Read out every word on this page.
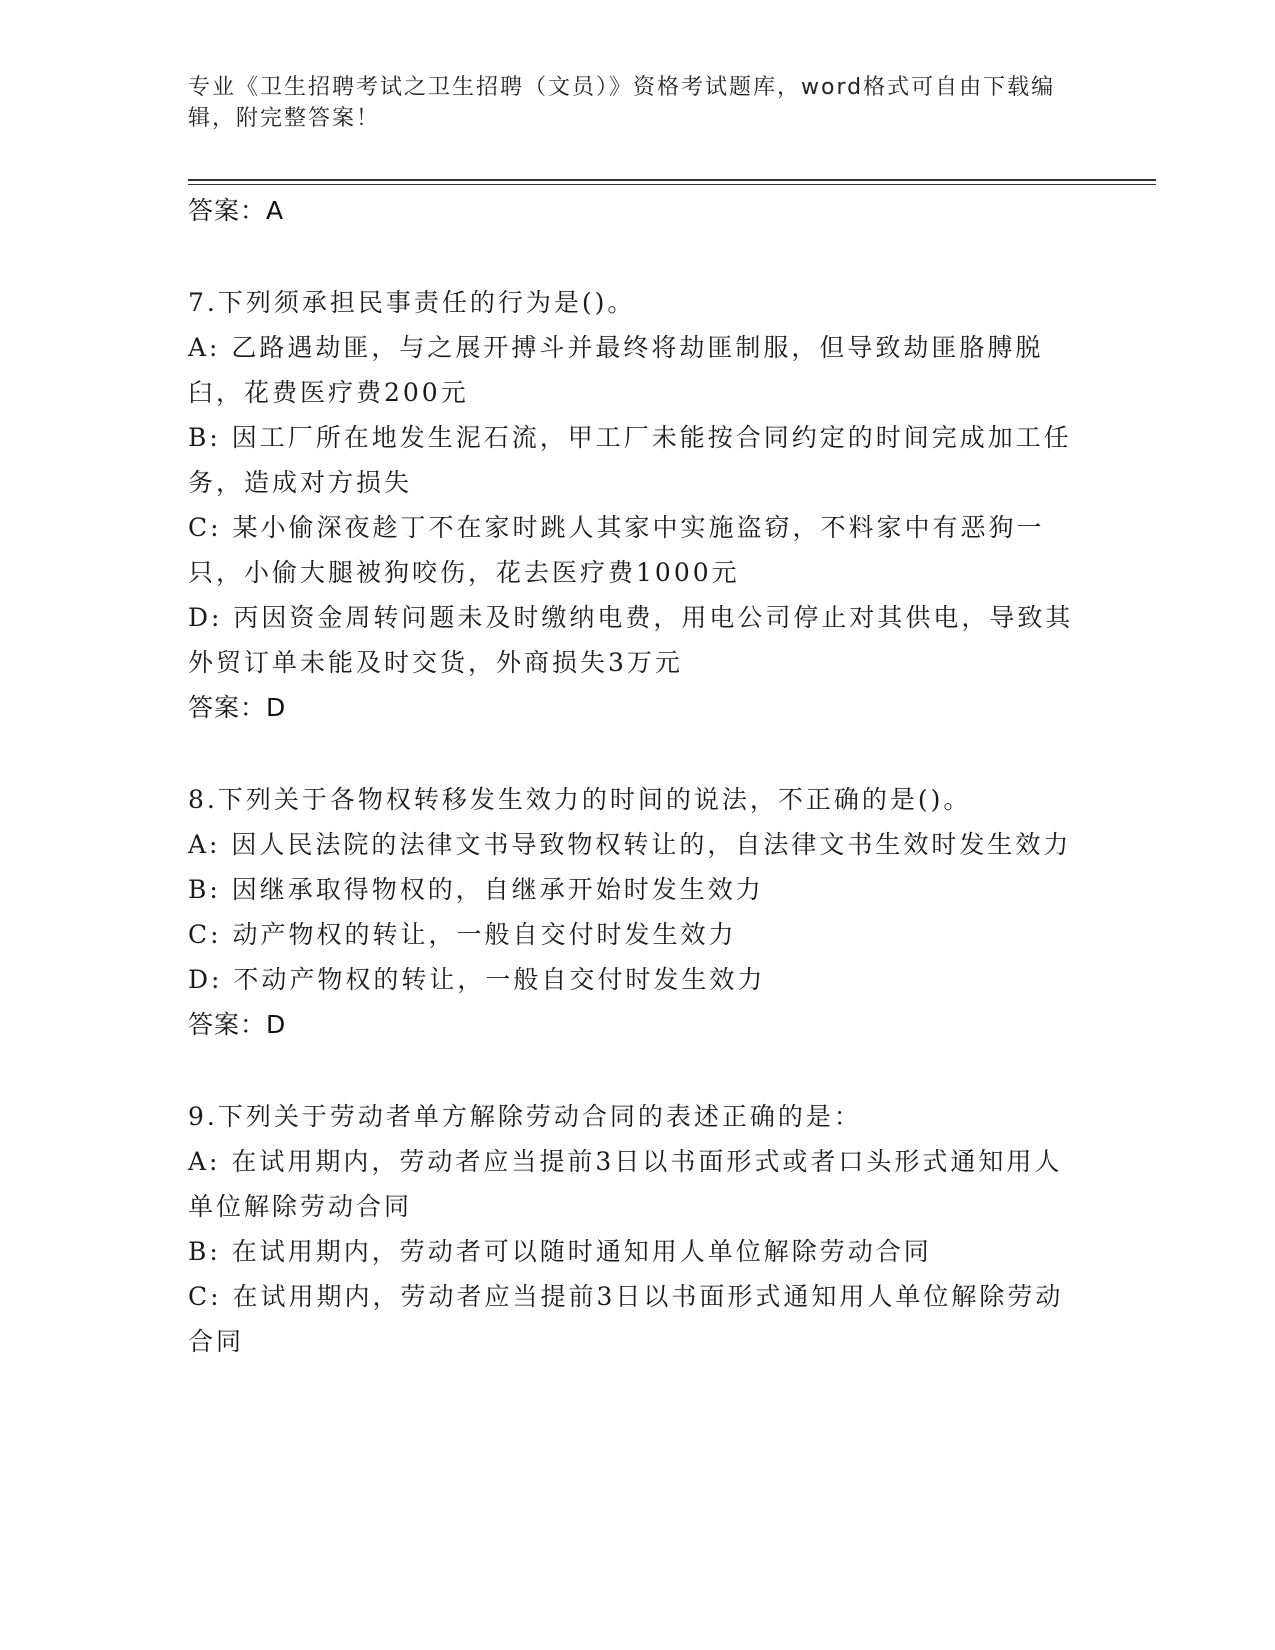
专业《卫生招聘考试之卫生招聘（文员）》资格考试题库，word格式可自由下载编辑，附完整答案！
答案：A
7.下列须承担民事责任的行为是()。
A: 乙路遇劫匪，与之展开搏斗并最终将劫匪制服，但导致劫匪胳膊脱臼，花费医疗费200元
B: 因工厂所在地发生泥石流，甲工厂未能按合同约定的时间完成加工任务，造成对方损失
C: 某小偷深夜趁丁不在家时跳人其家中实施盗窃，不料家中有恶狗一只，小偷大腿被狗咬伤，花去医疗费1000元
D: 丙因资金周转问题未及时缴纳电费，用电公司停止对其供电，导致其外贸订单未能及时交货，外商损失3万元
答案：D
8.下列关于各物权转移发生效力的时间的说法，不正确的是()。
A: 因人民法院的法律文书导致物权转让的，自法律文书生效时发生效力
B: 因继承取得物权的，自继承开始时发生效力
C: 动产物权的转让，一般自交付时发生效力
D: 不动产物权的转让，一般自交付时发生效力
答案：D
9.下列关于劳动者单方解除劳动合同的表述正确的是：
A: 在试用期内，劳动者应当提前3日以书面形式或者口头形式通知用人单位解除劳动合同
B: 在试用期内，劳动者可以随时通知用人单位解除劳动合同
C: 在试用期内，劳动者应当提前3日以书面形式通知用人单位解除劳动合同
